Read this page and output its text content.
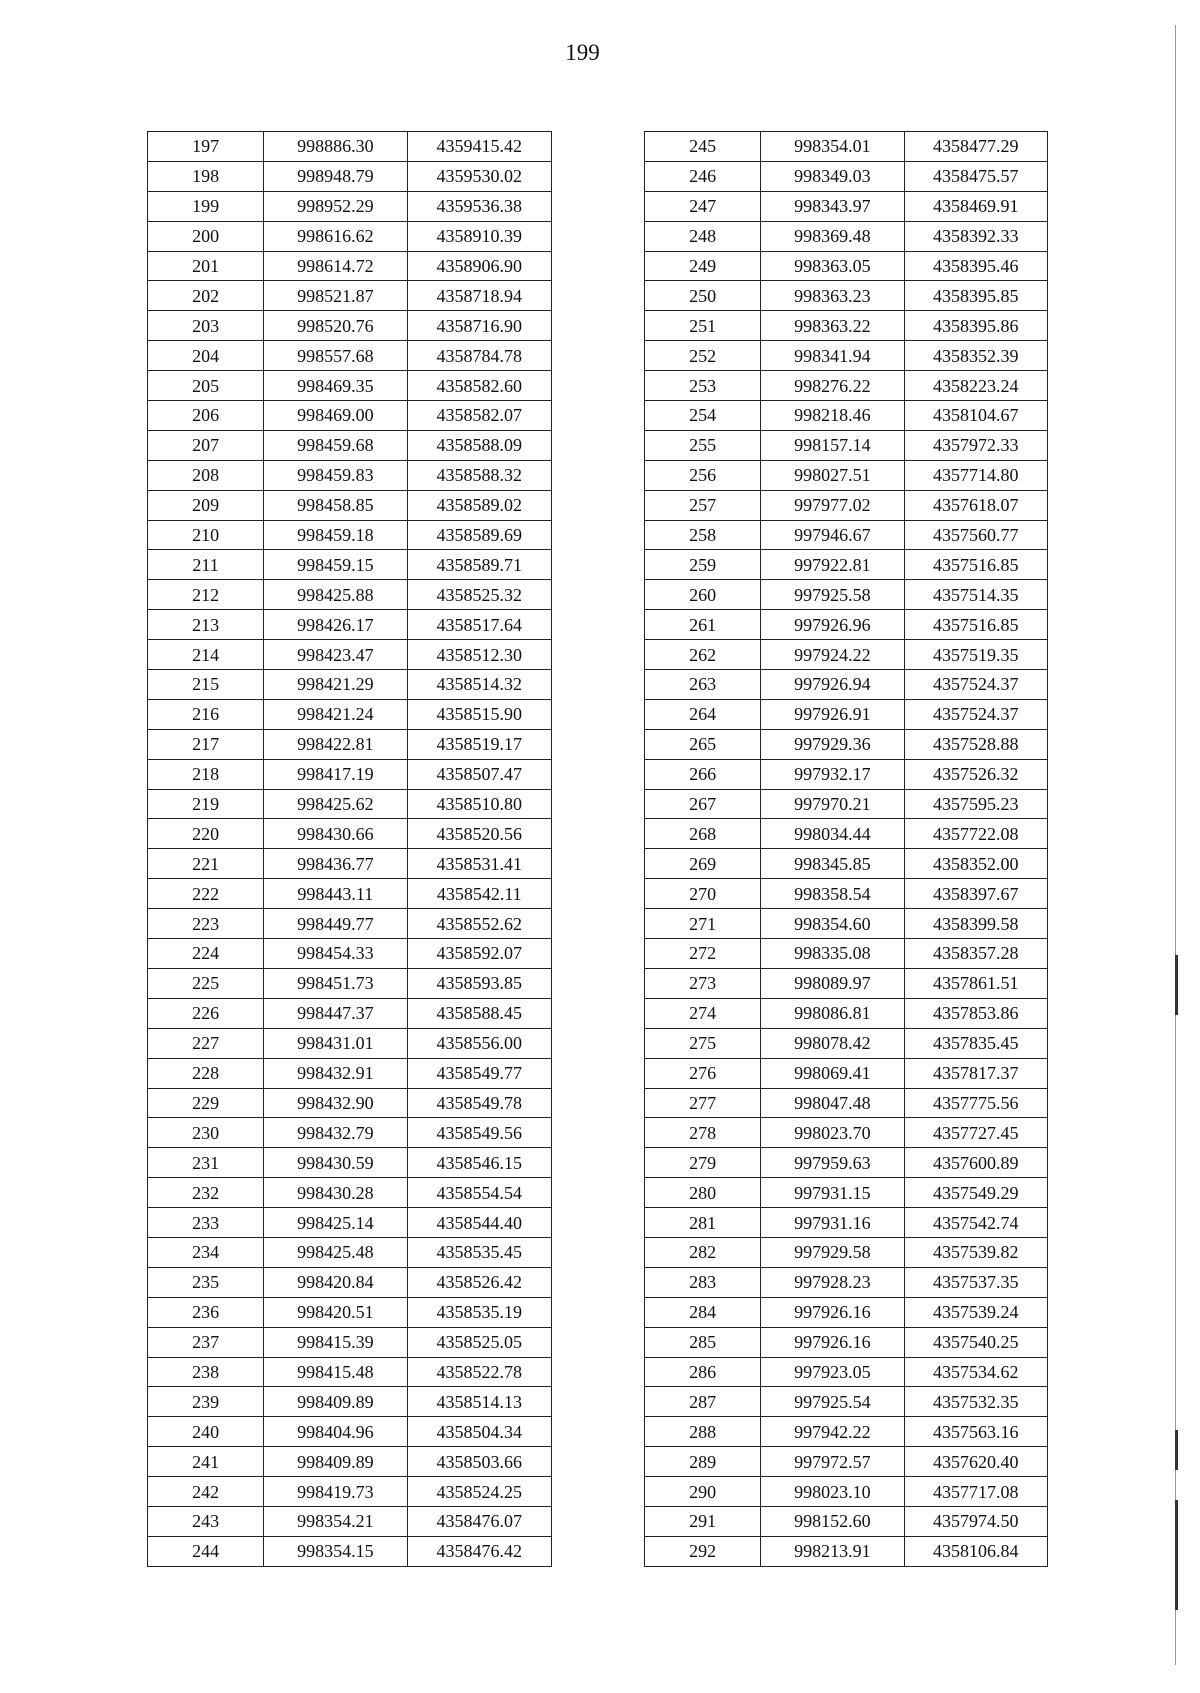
199
197	998886.30	4359415.42
198	998948.79	4359530.02
199	998952.29	4359536.38
200	998616.62	4358910.39
201	998614.72	4358906.90
202	998521.87	4358718.94
203	998520.76	4358716.90
204	998557.68	4358784.78
205	998469.35	4358582.60
206	998469.00	4358582.07
207	998459.68	4358588.09
208	998459.83	4358588.32
209	998458.85	4358589.02
210	998459.18	4358589.69
211	998459.15	4358589.71
212	998425.88	4358525.32
213	998426.17	4358517.64
214	998423.47	4358512.30
215	998421.29	4358514.32
216	998421.24	4358515.90
217	998422.81	4358519.17
218	998417.19	4358507.47
219	998425.62	4358510.80
220	998430.66	4358520.56
221	998436.77	4358531.41
222	998443.11	4358542.11
223	998449.77	4358552.62
224	998454.33	4358592.07
225	998451.73	4358593.85
226	998447.37	4358588.45
227	998431.01	4358556.00
228	998432.91	4358549.77
229	998432.90	4358549.78
230	998432.79	4358549.56
231	998430.59	4358546.15
232	998430.28	4358554.54
233	998425.14	4358544.40
234	998425.48	4358535.45
235	998420.84	4358526.42
236	998420.51	4358535.19
237	998415.39	4358525.05
238	998415.48	4358522.78
239	998409.89	4358514.13
240	998404.96	4358504.34
241	998409.89	4358503.66
242	998419.73	4358524.25
243	998354.21	4358476.07
244	998354.15	4358476.42
245	998354.01	4358477.29
246	998349.03	4358475.57
247	998343.97	4358469.91
248	998369.48	4358392.33
249	998363.05	4358395.46
250	998363.23	4358395.85
251	998363.22	4358395.86
252	998341.94	4358352.39
253	998276.22	4358223.24
254	998218.46	4358104.67
255	998157.14	4357972.33
256	998027.51	4357714.80
257	997977.02	4357618.07
258	997946.67	4357560.77
259	997922.81	4357516.85
260	997925.58	4357514.35
261	997926.96	4357516.85
262	997924.22	4357519.35
263	997926.94	4357524.37
264	997926.91	4357524.37
265	997929.36	4357528.88
266	997932.17	4357526.32
267	997970.21	4357595.23
268	998034.44	4357722.08
269	998345.85	4358352.00
270	998358.54	4358397.67
271	998354.60	4358399.58
272	998335.08	4358357.28
273	998089.97	4357861.51
274	998086.81	4357853.86
275	998078.42	4357835.45
276	998069.41	4357817.37
277	998047.48	4357775.56
278	998023.70	4357727.45
279	997959.63	4357600.89
280	997931.15	4357549.29
281	997931.16	4357542.74
282	997929.58	4357539.82
283	997928.23	4357537.35
284	997926.16	4357539.24
285	997926.16	4357540.25
286	997923.05	4357534.62
287	997925.54	4357532.35
288	997942.22	4357563.16
289	997972.57	4357620.40
290	998023.10	4357717.08
291	998152.60	4357974.50
292	998213.91	4358106.84
